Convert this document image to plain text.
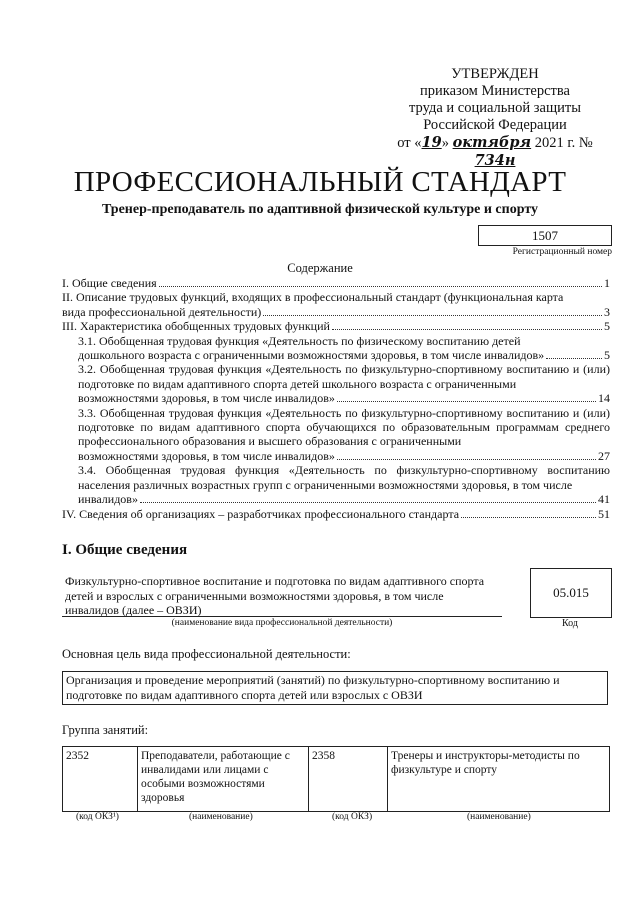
УТВЕРЖДЕН
приказом Министерства
труда и социальной защиты
Российской Федерации
от «19» октября 2021 г. № 734н
ПРОФЕССИОНАЛЬНЫЙ СТАНДАРТ
Тренер-преподаватель по адаптивной физической культуре и спорту
1507
Регистрационный номер
Содержание
I. Общие сведения	1

II. Описание трудовых функций, входящих в профессиональный стандарт (функциональная карта

вида профессиональной деятельности)	3
III. Характеристика обобщенных трудовых функций	5

3.1. Обобщенная трудовая функция «Деятельность по физическому воспитанию детей

дошкольного возраста с ограниченными возможностями здоровья, в том числе инвалидов»	5

3.2. Обобщенная трудовая функция «Деятельность по физкультурно-спортивному воспитанию и (или) подготовке по видам адаптивного спорта детей школьного возраста с ограниченными

возможностями здоровья, в том числе инвалидов»	14

3.3. Обобщенная трудовая функция «Деятельность по физкультурно-спортивному воспитанию и (или) подготовке по видам адаптивного спорта обучающихся по образовательным программам среднего профессионального образования и высшего образования с ограниченными

возможностями здоровья, в том числе инвалидов»	27

3.4. Обобщенная трудовая функция «Деятельность по физкультурно-спортивному воспитанию населения различных возрастных групп с ограниченными возможностями здоровья, в том числе

инвалидов»	41
IV. Сведения об организациях – разработчиках профессионального стандарта	51
I. Общие сведения
Физкультурно-спортивное воспитание и подготовка по видам адаптивного спорта детей и взрослых с ограниченными возможностями здоровья, в том числе инвалидов (далее – ОВЗИ)
(наименование вида профессиональной деятельности)
05.015
Код
Основная цель вида профессиональной деятельности:
Организация и проведение мероприятий (занятий) по физкультурно-спортивному воспитанию и подготовке по видам адаптивного спорта детей или взрослых с ОВЗИ
Группа занятий:
2352	Преподаватели, работающие с инвалидами или лицами с особыми возможностями здоровья	2358	Тренеры и инструкторы-методисты по физкультуре и спорту
(код ОКЗ¹)	(наименование)	(код ОКЗ)	(наименование)
